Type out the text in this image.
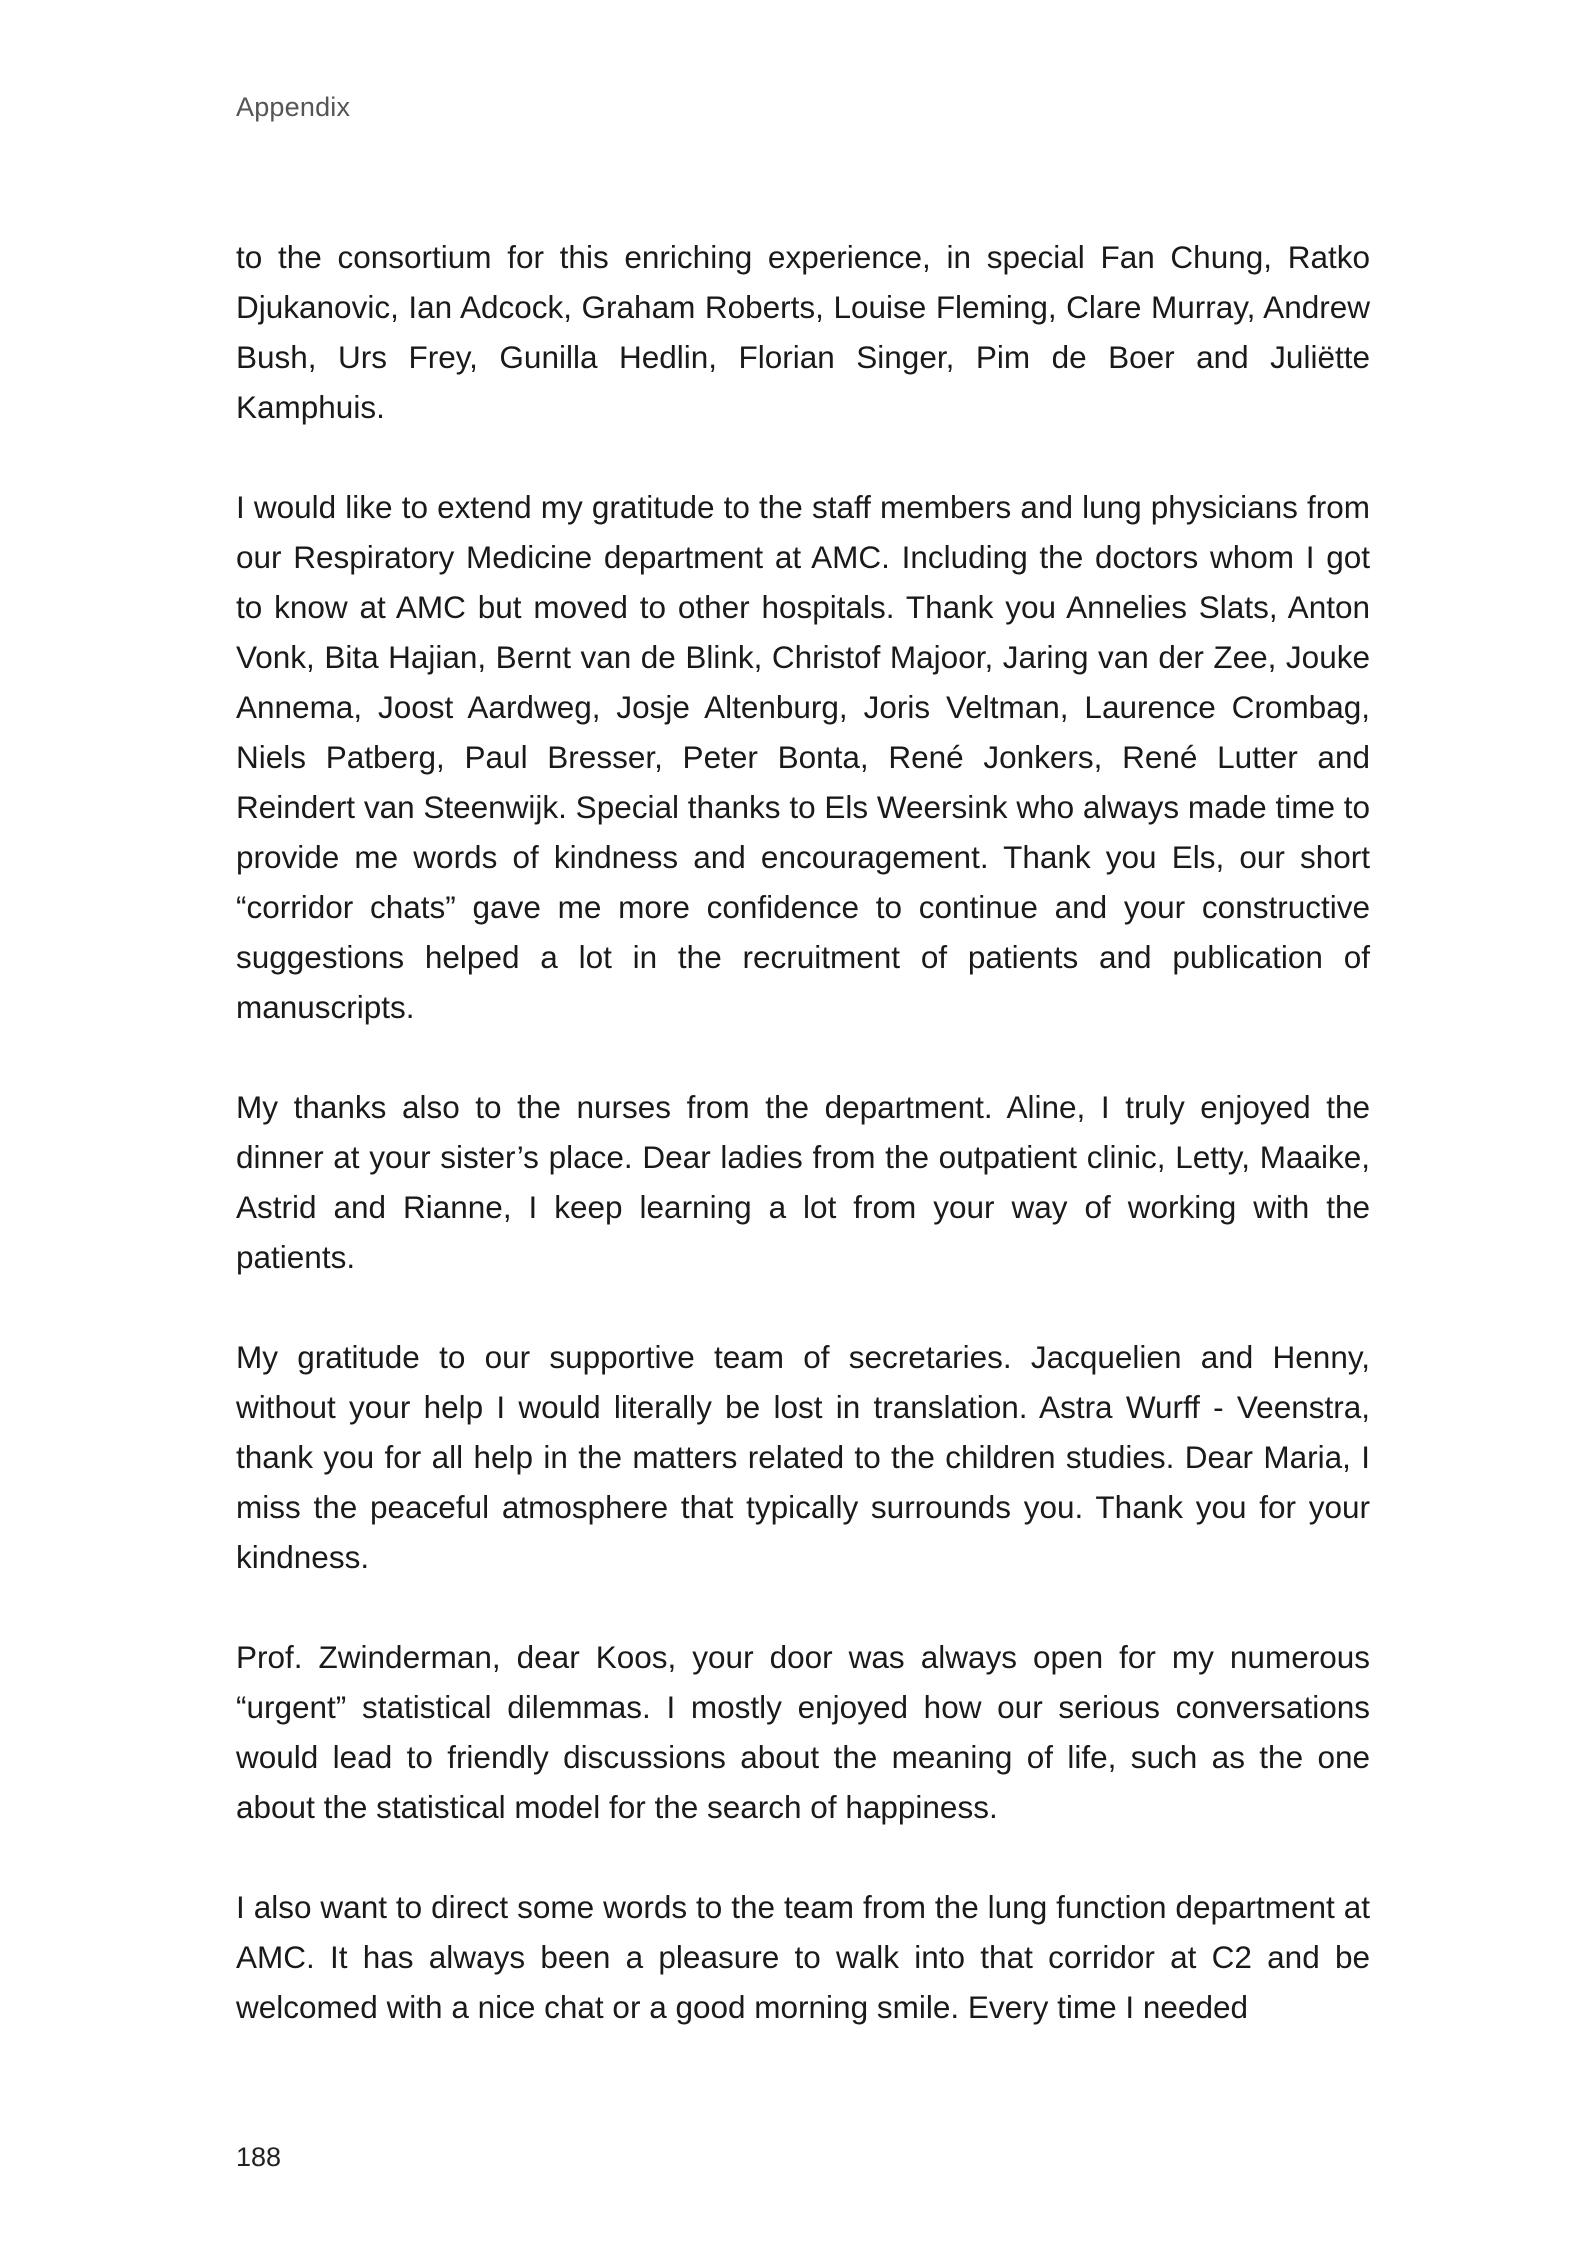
Appendix

to the consortium for this enriching experience, in special Fan Chung, Ratko Djukanovic, Ian Adcock, Graham Roberts, Louise Fleming, Clare Murray, Andrew Bush, Urs Frey, Gunilla Hedlin, Florian Singer, Pim de Boer and Juliëtte Kamphuis.

I would like to extend my gratitude to the staff members and lung physicians from our Respiratory Medicine department at AMC. Including the doctors whom I got to know at AMC but moved to other hospitals. Thank you Annelies Slats, Anton Vonk, Bita Hajian, Bernt van de Blink, Christof Majoor, Jaring van der Zee, Jouke Annema, Joost Aardweg, Josje Altenburg, Joris Veltman, Laurence Crombag, Niels Patberg, Paul Bresser, Peter Bonta, René Jonkers, René Lutter and Reindert van Steenwijk. Special thanks to Els Weersink who always made time to provide me words of kindness and encouragement. Thank you Els, our short “corridor chats” gave me more confidence to continue and your constructive suggestions helped a lot in the recruitment of patients and publication of manuscripts.

My thanks also to the nurses from the department. Aline, I truly enjoyed the dinner at your sister’s place. Dear ladies from the outpatient clinic, Letty, Maaike, Astrid and Rianne, I keep learning a lot from your way of working with the patients.

My gratitude to our supportive team of secretaries. Jacquelien and Henny, without your help I would literally be lost in translation. Astra Wurff - Veenstra, thank you for all help in the matters related to the children studies. Dear Maria, I miss the peaceful atmosphere that typically surrounds you. Thank you for your kindness.

Prof. Zwinderman, dear Koos, your door was always open for my numerous “urgent” statistical dilemmas. I mostly enjoyed how our serious conversations would lead to friendly discussions about the meaning of life, such as the one about the statistical model for the search of happiness.

I also want to direct some words to the team from the lung function department at AMC. It has always been a pleasure to walk into that corridor at C2 and be welcomed with a nice chat or a good morning smile. Every time I needed

188
